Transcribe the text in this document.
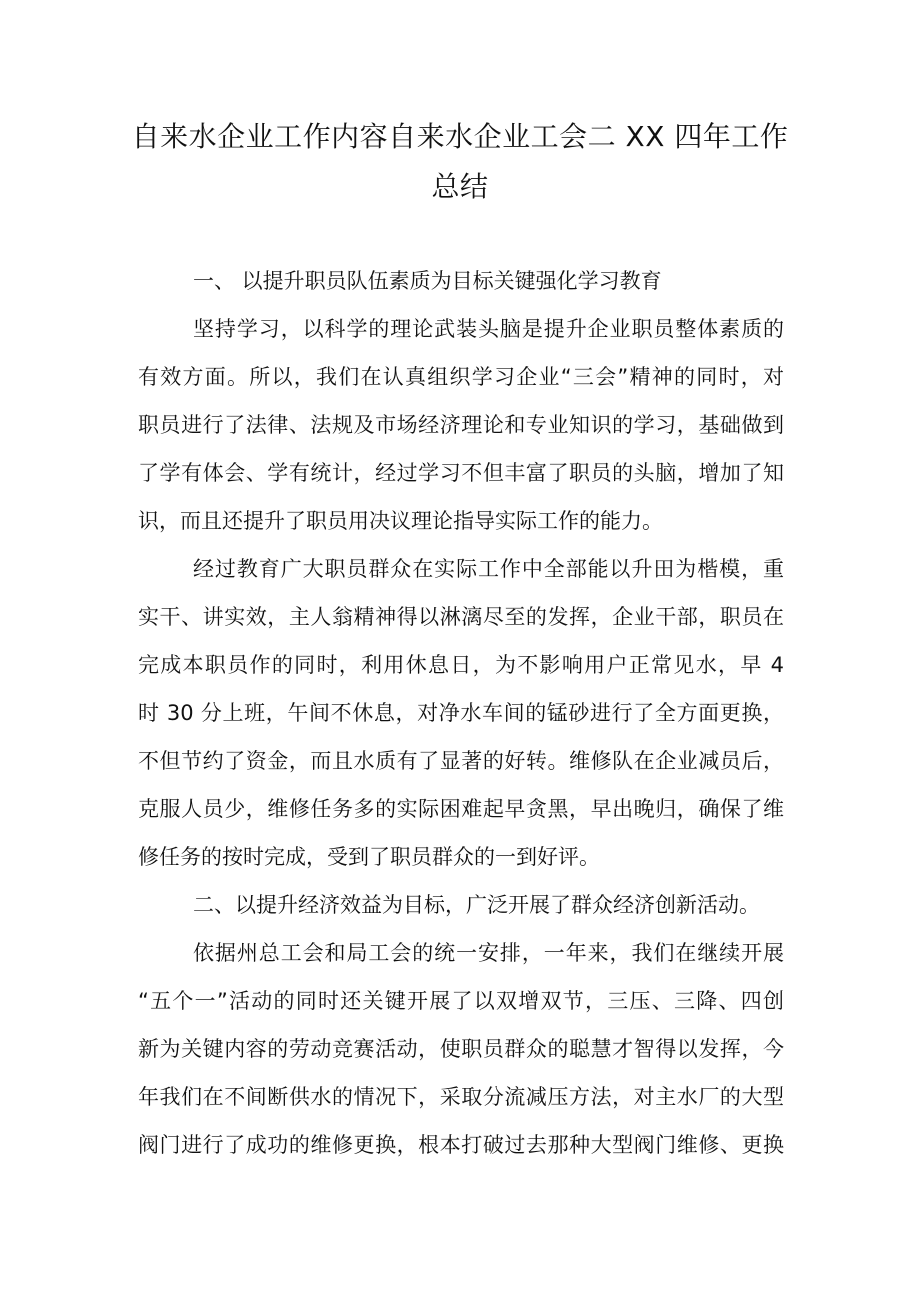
自来水企业工作内容自来水企业工会二 XX 四年工作
总结
一、 以提升职员队伍素质为目标关键强化学习教育
坚持学习，以科学的理论武装头脑是提升企业职员整体素质的
有效方面。所以，我们在认真组织学习企业“三会”精神的同时，对
职员进行了法律、法规及市场经济理论和专业知识的学习，基础做到
了学有体会、学有统计，经过学习不但丰富了职员的头脑，增加了知
识，而且还提升了职员用决议理论指导实际工作的能力。
经过教育广大职员群众在实际工作中全部能以升田为楷模，重
实干、讲实效，主人翁精神得以淋漓尽至的发挥，企业干部，职员在
完成本职员作的同时，利用休息日，为不影响用户正常见水，早 4
时 30 分上班，午间不休息，对净水车间的锰砂进行了全方面更换，
不但节约了资金，而且水质有了显著的好转。维修队在企业减员后，
克服人员少，维修任务多的实际困难起早贪黑，早出晚归，确保了维
修任务的按时完成，受到了职员群众的一到好评。
二、以提升经济效益为目标，广泛开展了群众经济创新活动。
依据州总工会和局工会的统一安排，一年来，我们在继续开展
“五个一”活动的同时还关键开展了以双增双节，三压、三降、四创
新为关键内容的劳动竞赛活动，使职员群众的聪慧才智得以发挥，今
年我们在不间断供水的情况下，采取分流减压方法，对主水厂的大型
阀门进行了成功的维修更换，根本打破过去那种大型阀门维修、更换
